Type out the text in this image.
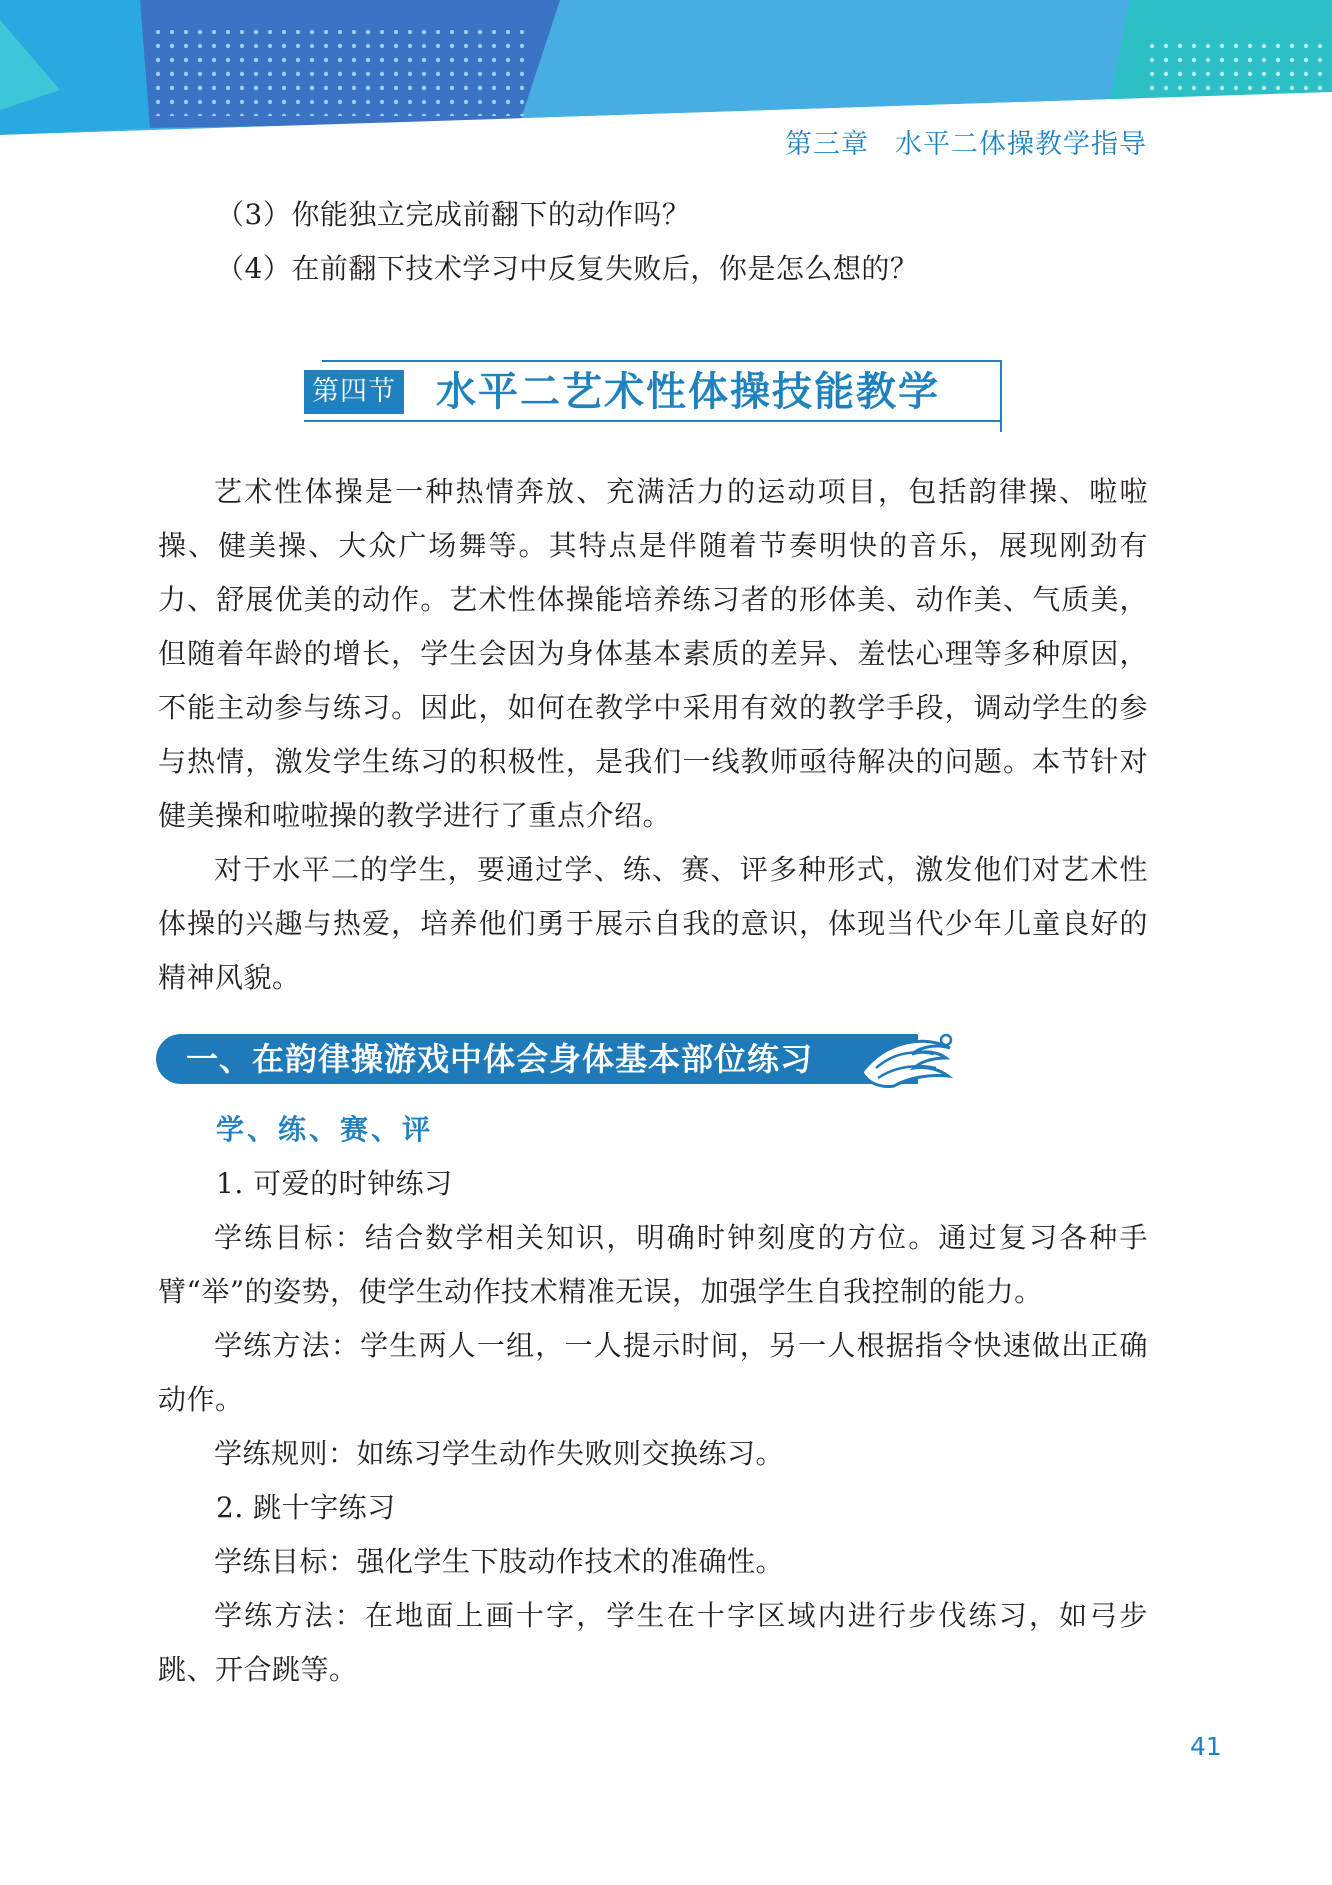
第三章 水平二体操教学指导

（3）你能独立完成前翻下的动作吗？

（4）在前翻下技术学习中反复失败后，你是怎么想的？

第四节 水平二艺术性体操技能教学

艺术性体操是一种热情奔放、充满活力的运动项目，包括韵律操、啦啦操、健美操、大众广场舞等。其特点是伴随着节奏明快的音乐，展现刚劲有力、舒展优美的动作。艺术性体操能培养练习者的形体美、动作美、气质美，但随着年龄的增长，学生会因为身体基本素质的差异、羞怯心理等多种原因，不能主动参与练习。因此，如何在教学中采用有效的教学手段，调动学生的参与热情，激发学生练习的积极性，是我们一线教师亟待解决的问题。本节针对健美操和啦啦操的教学进行了重点介绍。

对于水平二的学生，要通过学、练、赛、评多种形式，激发他们对艺术性体操的兴趣与热爱，培养他们勇于展示自我的意识，体现当代少年儿童良好的精神风貌。

一、在韵律操游戏中体会身体基本部位练习
学、练、赛、评

1. 可爱的时钟练习

学练目标：结合数学相关知识，明确时钟刻度的方位。通过复习各种手臂“举”的姿势，使学生动作技术精准无误，加强学生自我控制的能力。

学练方法：学生两人一组，一人提示时间，另一人根据指令快速做出正确动作。

学练规则：如练习学生动作失败则交换练习。

2. 跳十字练习

学练目标：强化学生下肢动作技术的准确性。

学练方法：在地面上画十字，学生在十字区域内进行步伐练习，如弓步跳、开合跳等。

41
